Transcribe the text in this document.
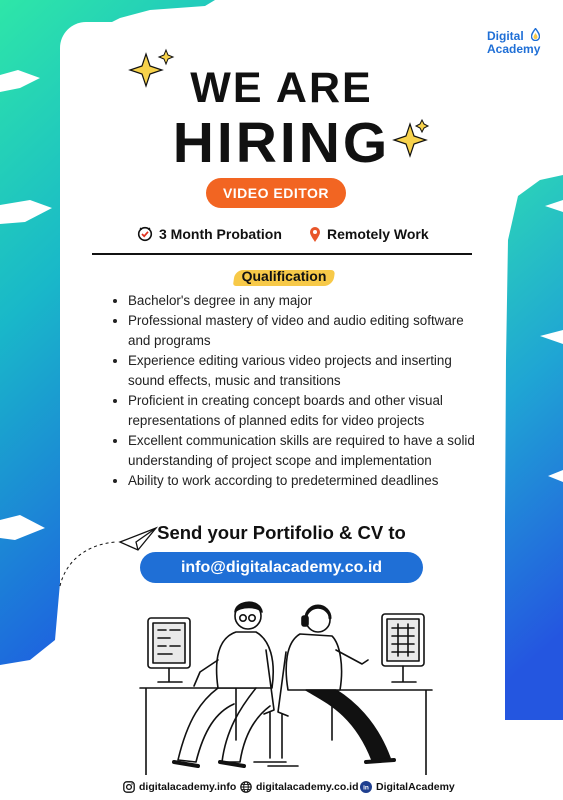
Digital
Academy
WE ARE
HIRING
VIDEO EDITOR
3 Month Probation	Remotely Work
Qualification
• Bachelor's degree in any major
• Professional mastery of video and audio editing software and programs
• Experience editing various video projects and inserting sound effects, music and transitions
• Proficient in creating concept boards and other visual representations of planned edits for video projects
• Excellent communication skills are required to have a solid understanding of project scope and implementation
• Ability to work according to predetermined deadlines
Send your Portifolio & CV to
info@digitalacademy.co.id
digitalacademy.info digitalacademy.co.id in DigitalAcademy
